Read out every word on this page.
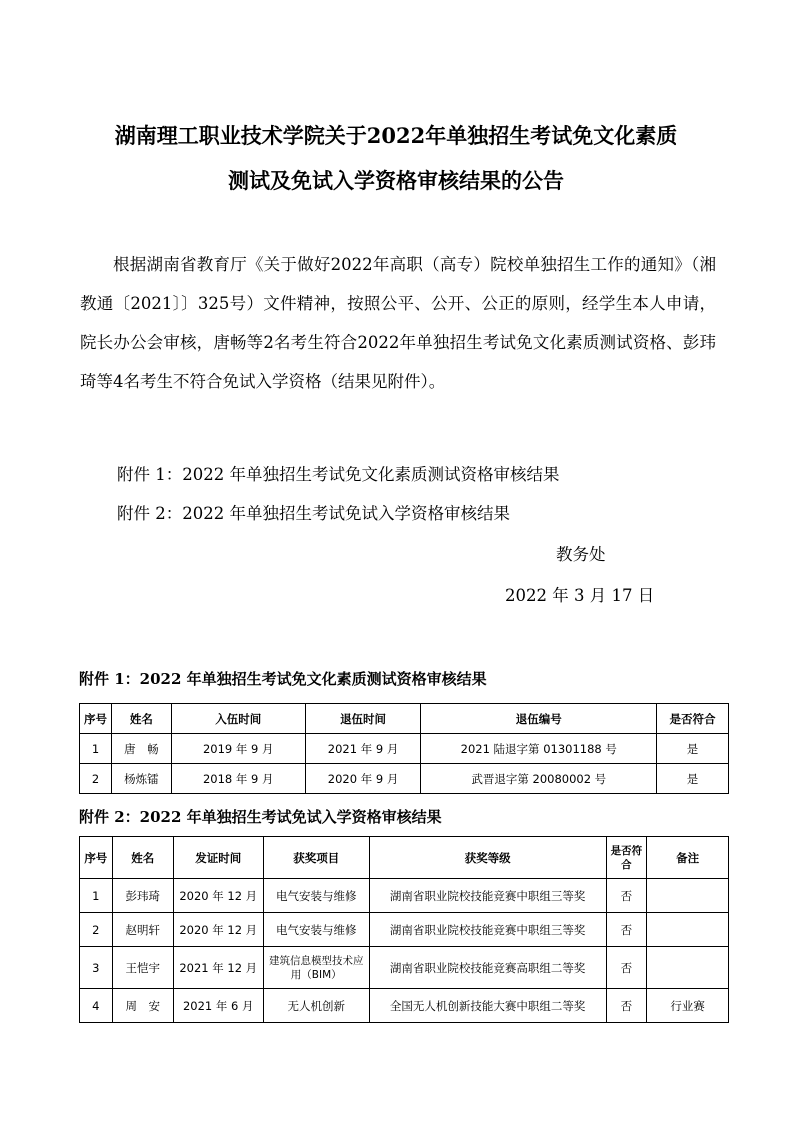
湖南理工职业技术学院关于2022年单独招生考试免文化素质
测试及免试入学资格审核结果的公告
根据湖南省教育厅《关于做好2022年高职（高专）院校单独招生工作的通知》（湘教通〔2021〕〕325号）文件精神，按照公平、公开、公正的原则，经学生本人申请，院长办公会审核，唐畅等2名考生符合2022年单独招生考试免文化素质测试资格、彭玮琦等4名考生不符合免试入学资格（结果见附件）。
附件 1：2022 年单独招生考试免文化素质测试资格审核结果
附件 2：2022 年单独招生考试免试入学资格审核结果
教务处
2022 年 3 月 17 日
附件 1：2022 年单独招生考试免文化素质测试资格审核结果
序号	姓名	入伍时间	退伍时间	退伍编号	是否符合
1	唐　畅	2019 年 9 月	2021 年 9 月	2021 陆退字第 01301188 号	是
2	杨炼镭	2018 年 9 月	2020 年 9 月	武晋退字第 20080002 号	是
附件 2：2022 年单独招生考试免试入学资格审核结果
序号	姓名	发证时间	获奖项目	获奖等级	是否符合	备注
1	彭玮琦	2020 年 12 月	电气安装与维修	湖南省职业院校技能竞赛中职组三等奖	否	
2	赵明轩	2020 年 12 月	电气安装与维修	湖南省职业院校技能竞赛中职组三等奖	否	
3	王恺宇	2021 年 12 月	建筑信息模型技术应用（BIM）	湖南省职业院校技能竞赛高职组二等奖	否	
4	周　安	2021 年 6 月	无人机创新	全国无人机创新技能大赛中职组二等奖	否	行业赛
